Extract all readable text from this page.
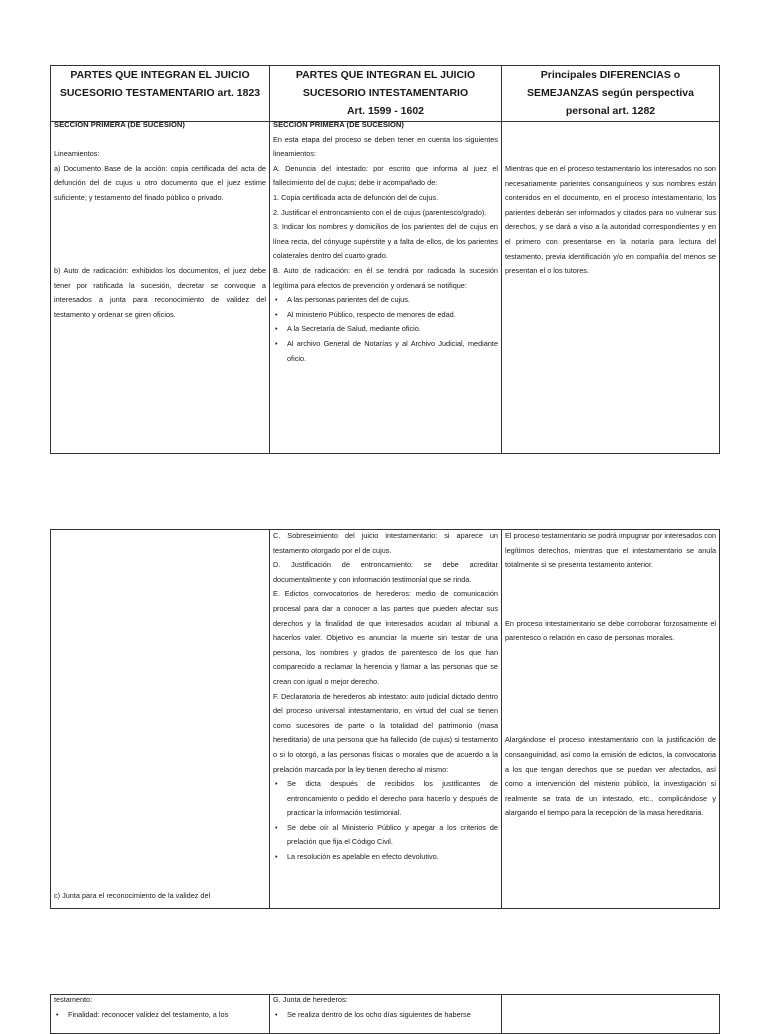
PARTES QUE INTEGRAN EL JUICIO
SUCESORIO TESTAMENTARIO art. 1823

SECCION PRIMERA (DE SUCESION)

Lineamientos:

a) Documento Base de la acción: copia certificada del acta de defunción del de cujus u otro documento que el juez estime suficiente; y testamento del finado público o privado.

b) Auto de radicación: exhibidos los documentos, el juez debe tener por ratificada la sucesión, decretar se convoque a interesados a junta para reconocimiento de validez del testamento y ordenar se giren oficios.

PARTES QUE INTEGRAN EL JUICIO
SUCESORIO INTESTAMENTARIO
Art. 1599 - 1602

SECCION PRIMERA (DE SUCESION)

En esta etapa del proceso se deben tener en cuenta los siguientes lineamientos:

A. Denuncia del intestado: por escrito que informa al juez el fallecimiento del de cujus; debe ir acompañado de:

1. Copia certificada acta de defunción del de cujus.

2. Justificar el entroncamiento con el de cujus (parentesco/grado).

3. Indicar los nombres y domicilios de los parientes del de cujus en línea recta, del cónyuge supérstite y a falta de ellos, de los parientes colaterales dentro del cuarto grado.

B. Auto de radicación: en él se tendrá por radicada la sucesión legítima para efectos de prevención y ordenará se notifique:

• A las personas parientes del de cujus.

• Al ministerio Público, respecto de menores de edad.

• A la Secretaría de Salud, mediante oficio.

• Al archivo General de Notarías y al Archivo Judicial, mediante oficio.

Principales DIFERENCIAS o
SEMEJANZAS según perspectiva
personal art. 1282

Mientras que en el proceso testamentario los interesados no son necesariamente parientes consanguíneos y sus nombres están contenidos en el documento, en el proceso intestamentario, los parientes deberán ser informados y citados para no vulnerar sus derechos, y se dará a viso a la autoridad correspondientes y en el primero con presentarse en la notaría para lectura del testamento, previa identificación y/o en compañía del menos se presentan el o los tutores.

c) Junta para el reconocimiento de la validez del

C. Sobreseimiento del juicio intestamentario: si aparece un testamento otorgado por el de cujus.

D. Justificación de entroncamiento: se debe acreditar documentalmente y con información testimonial que se rinda.

E. Edictos convocatorios de herederos: medio de comunicación procesal para dar a conocer a las partes que pueden afectar sus derechos y la finalidad de que interesados acudan al tribunal a hacerlos valer. Objetivo es anunciar la muerte sin testar de una persona, los nombres y grados de parentesco de los que han comparecido a reclamar la herencia y llamar a las personas que se crean con igual o mejor derecho.

F. Declaratoria de herederos ab intestato: auto judicial dictado dentro del proceso universal intestamentario, en virtud del cual se tienen como sucesores de parte o la totalidad del patrimonio (masa hereditaria) de una persona que ha fallecido (de cujus) si testamento o si lo otorgó, a las personas físicas o morales que de acuerdo a la prelación marcada por la ley tienen derecho al mismo:

• Se dicta después de recibidos los justificantes de entroncamiento o pedido el derecho para hacerlo y después de practicar la información testimonial.

• Se debe oír al Ministerio Público y apegar a los criterios de prelación que fija el Código Civil.

• La resolución es apelable en efecto devolutivo.

El proceso testamentario se podrá impugnar por interesados con legítimos derechos, mientras que el intestamentario se anula totalmente si se presenta testamento anterior.

En proceso intestamentario se debe corroborar forzosamente el parentesco o relación en caso de personas morales.

Alargándose el proceso intestamentario con la justificación de consanguinidad, así como la emisión de edictos, la convocatoria a los que tengan derechos que se puedan ver afectados, así como a intervención del misterio público, la investigación si realmente se trata de un intestado, etc., complicándose y alargando el tiempo para la recepción de la masa hereditaria.

testamento:

• Finalidad: reconocer validez del testamento, a los

G. Junta de herederos:

• Se realiza dentro de los ocho días siguientes de haberse
